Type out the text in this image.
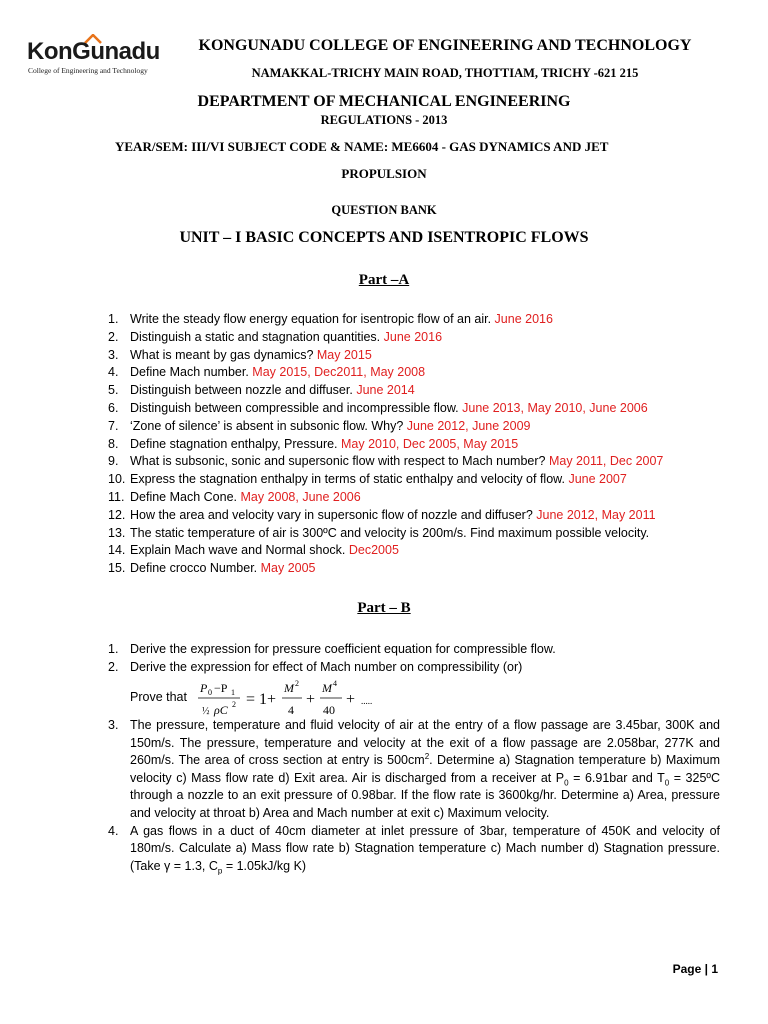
KonGunadu
College of Engineering and Technology
KONGUNADU COLLEGE OF ENGINEERING AND TECHNOLOGY
NAMAKKAL-TRICHY MAIN ROAD, THOTTIAM, TRICHY -621 215
DEPARTMENT OF MECHANICAL ENGINEERING
REGULATIONS - 2013
YEAR/SEM: III/VI SUBJECT CODE & NAME: ME6604 - GAS DYNAMICS AND JET
PROPULSION
QUESTION BANK
UNIT – I BASIC CONCEPTS AND ISENTROPIC FLOWS
Part –A
1. Write the steady flow energy equation for isentropic flow of an air. June 2016
2. Distinguish a static and stagnation quantities. June 2016
3. What is meant by gas dynamics? May 2015
4. Define Mach number. May 2015, Dec2011, May 2008
5. Distinguish between nozzle and diffuser. June 2014
6. Distinguish between compressible and incompressible flow. June 2013, May 2010, June 2006
7. ‘Zone of silence’ is absent in subsonic flow. Why? June 2012, June 2009
8. Define stagnation enthalpy, Pressure. May 2010, Dec 2005, May 2015
9. What is subsonic, sonic and supersonic flow with respect to Mach number? May 2011, Dec 2007
10. Express the stagnation enthalpy in terms of static enthalpy and velocity of flow. June 2007
11. Define Mach Cone. May 2008, June 2006
12. How the area and velocity vary in supersonic flow of nozzle and diffuser? June 2012, May 2011
13. The static temperature of air is 300ºC and velocity is 200m/s. Find maximum possible velocity.
14. Explain Mach wave and Normal shock. Dec2005
15. Define crocco Number. May 2005
Part – B
1. Derive the expression for pressure coefficient equation for compressible flow.
2. Derive the expression for effect of Mach number on compressibility (or)
Prove that
P 0 −P 1
½ ρC 2 = 1+
M 2
4
+
M 4
40
+ .....
3. The pressure, temperature and fluid velocity of air at the entry of a flow passage are 3.45bar, 300K and 150m/s. The pressure, temperature and velocity at the exit of a flow passage are 2.058bar, 277K and 260m/s. The area of cross section at entry is $500cm^2$. Determine a) Stagnation temperature b) Maximum velocity c) Mass flow rate d) Exit area. Air is discharged from a receiver at $P_0 = 6.91bar$ and $T_0$ = 325ºC through a nozzle to an exit pressure of 0.98bar. If the flow rate is 3600kg/hr. Determine a) Area, pressure and velocity at throat b) Area and Mach number at exit c) Maximum velocity.
4. A gas flows in a duct of 40cm diameter at inlet pressure of 3bar, temperature of 450K and velocity of 180m/s. Calculate a) Mass flow rate b) Stagnation temperature c) Mach number d) Stagnation pressure. (Take γ = 1.3, $C_p = 1.05kJ/kg$ K)
Page | 1
